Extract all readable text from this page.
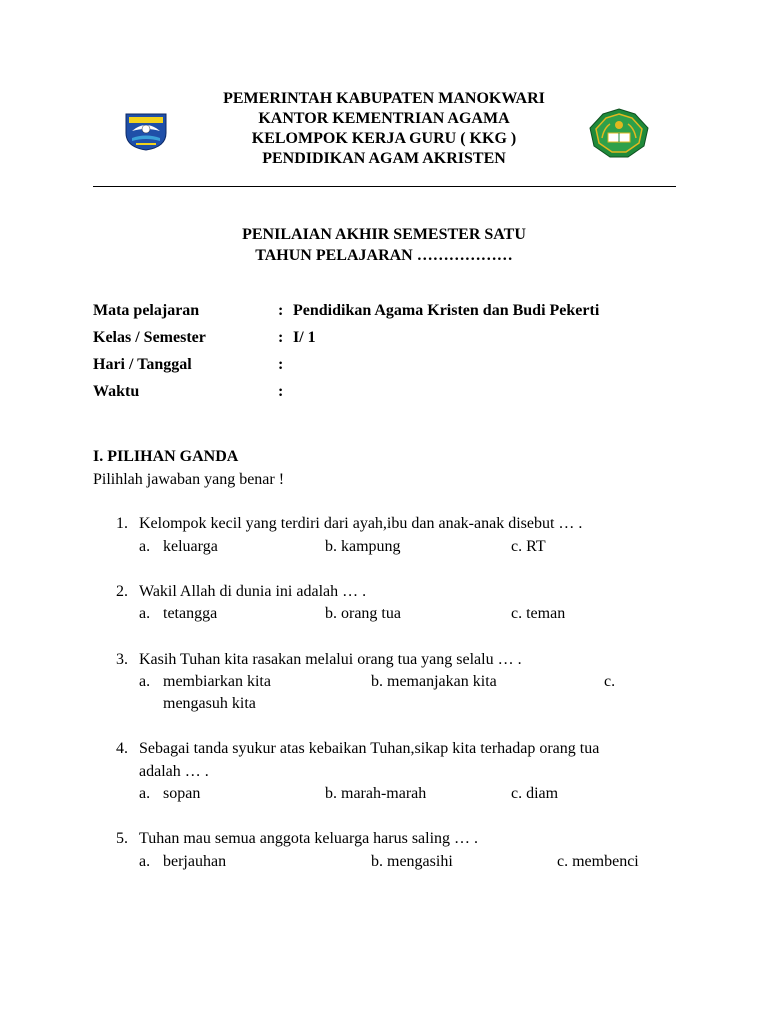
PEMERINTAH KABUPATEN MANOKWARI
KANTOR KEMENTRIAN AGAMA
KELOMPOK KERJA GURU ( KKG )
PENDIDIKAN AGAM AKRISTEN
PENILAIAN AKHIR SEMESTER SATU
TAHUN PELAJARAN ………………
Mata pelajaran	: Pendidikan Agama Kristen dan Budi Pekerti
Kelas / Semester	: I/ 1
Hari / Tanggal	:
Waktu	:
I. PILIHAN GANDA
Pilihlah jawaban yang benar !
1. Kelompok kecil yang terdiri dari ayah,ibu dan anak-anak disebut … .
a. keluarga	b. kampung	c. RT
2. Wakil Allah di dunia ini adalah … .
a. tetangga	b. orang tua	c. teman
3. Kasih Tuhan kita rasakan melalui orang tua yang selalu … .
a. membiarkan kita	b. memanjakan kita	c.
mengasuh kita
4. Sebagai tanda syukur atas kebaikan Tuhan,sikap kita terhadap orang tua
adalah … .
a. sopan	b. marah-marah	c. diam
5. Tuhan mau semua anggota keluarga harus saling … .
a. berjauhan	b. mengasihi	c. membenci
